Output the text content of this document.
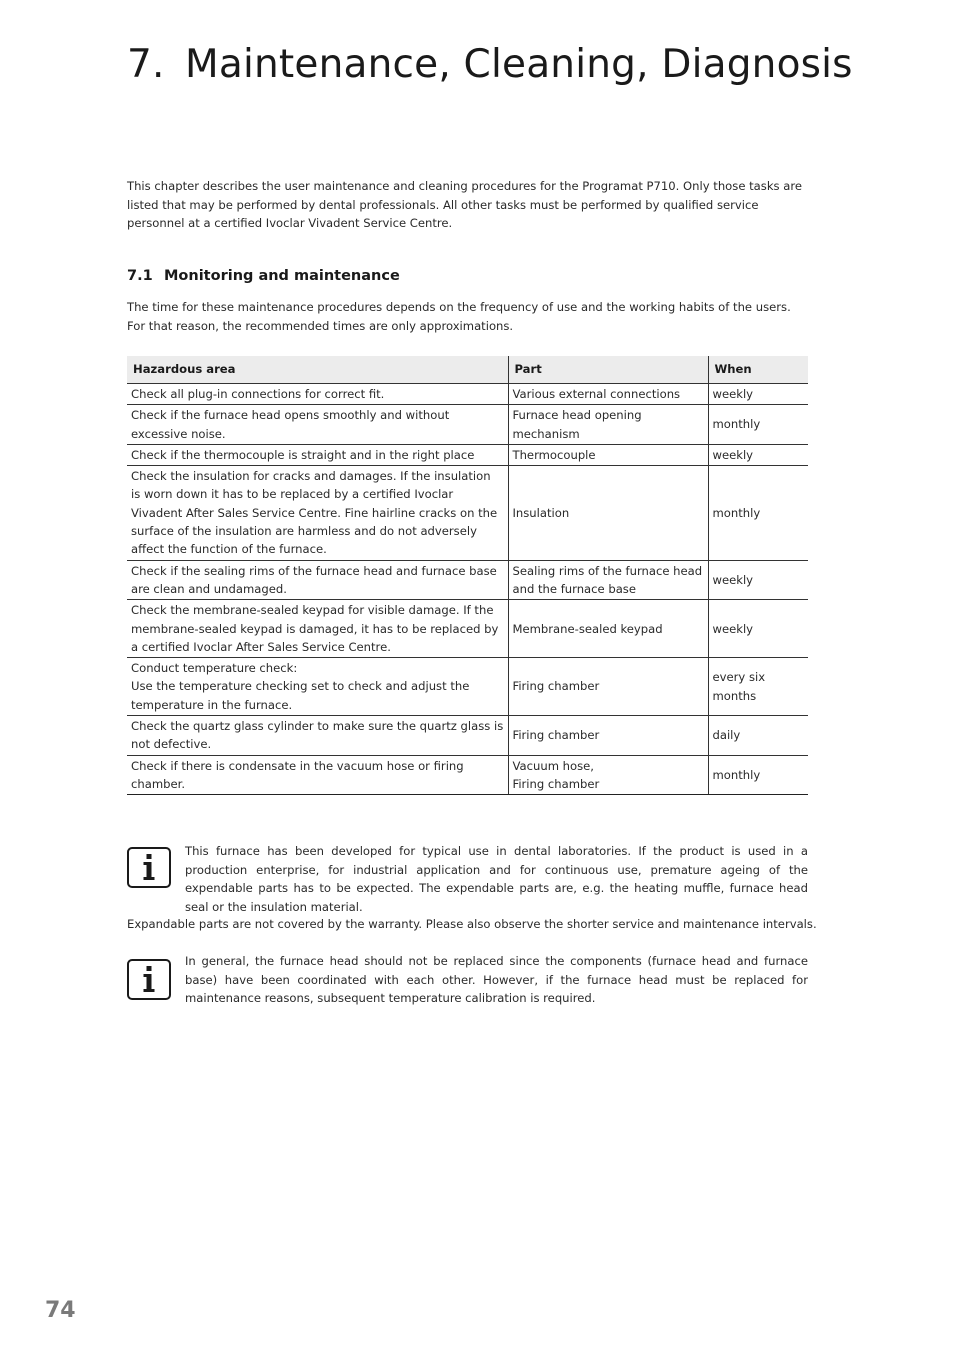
7. Maintenance, Cleaning, Diagnosis

This chapter describes the user maintenance and cleaning procedures for the Programat P710. Only those tasks are listed that may be performed by dental professionals. All other tasks must be performed by qualified service personnel at a certified Ivoclar Vivadent Service Centre.

7.1 Monitoring and maintenance

The time for these maintenance procedures depends on the frequency of use and the working habits of the users. For that reason, the recommended times are only approximations.

Hazardous area	Part	When

Check all plug-in connections for correct fit.	Various external connections	weekly

Check if the furnace head opens smoothly and without excessive noise.	Furnace head opening mechanism	monthly

Check if the thermocouple is straight and in the right place	Thermocouple	weekly

Check the insulation for cracks and damages. If the insulation is worn down it has to be replaced by a certified Ivoclar Vivadent After Sales Service Centre. Fine hairline cracks on the surface of the insulation are harmless and do not adversely affect the function of the furnace.	Insulation	monthly

Check if the sealing rims of the furnace head and furnace base are clean and undamaged.	Sealing rims of the furnace head and the furnace base	weekly

Check the membrane-sealed keypad for visible damage. If the membrane-sealed keypad is damaged, it has to be replaced by a certified Ivoclar After Sales Service Centre.	Membrane-sealed keypad	weekly

Conduct temperature check:
Use the temperature checking set to check and adjust the temperature in the furnace.	Firing chamber	every six months

Check the quartz glass cylinder to make sure the quartz glass is not defective.	Firing chamber	daily

Check if there is condensate in the vacuum hose or firing chamber.	Vacuum hose,
Firing chamber	monthly

This furnace has been developed for typical use in dental laboratories. If the product is used in a production enterprise, for industrial application and for continuous use, premature ageing of the expendable parts has to be expected. The expendable parts are, e.g. the heating muffle, furnace head seal or the insulation material.

Expandable parts are not covered by the warranty. Please also observe the shorter service and maintenance intervals.

In general, the furnace head should not be replaced since the components (furnace head and furnace base) have been coordinated with each other. However, if the furnace head must be replaced for maintenance reasons, subsequent temperature calibration is required.

74
